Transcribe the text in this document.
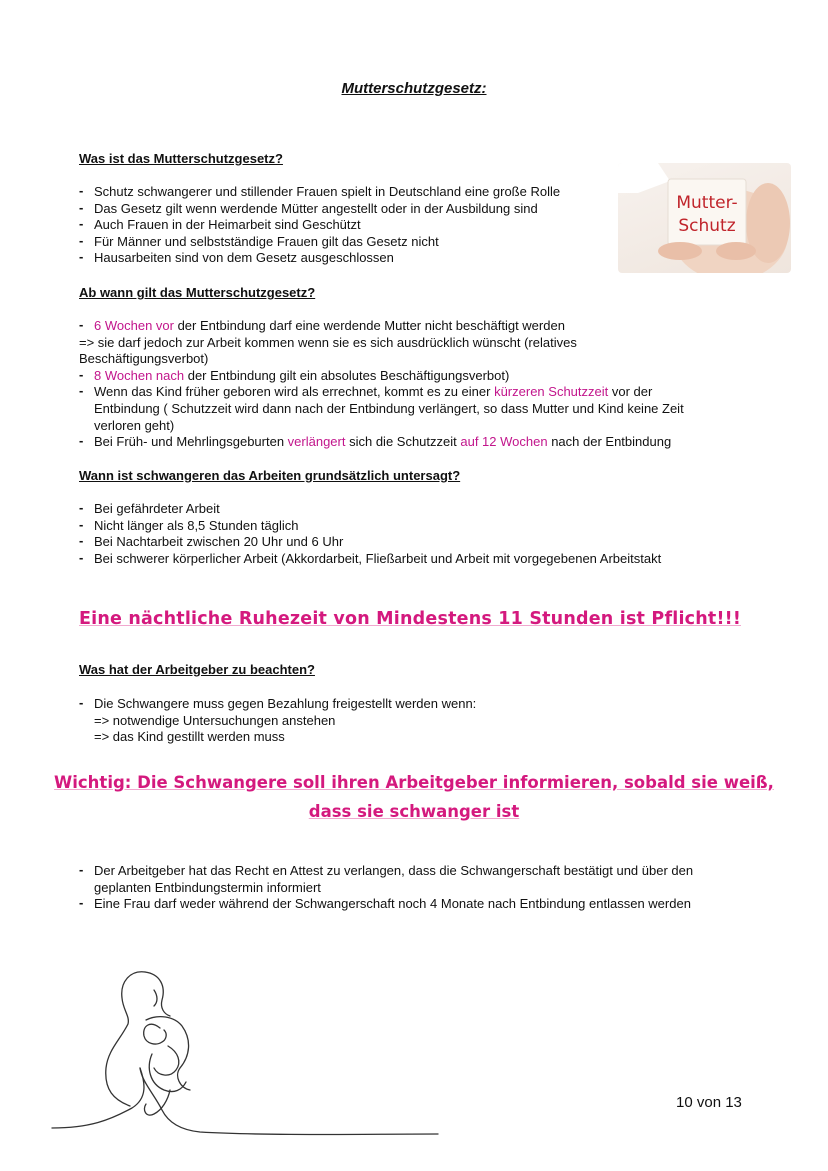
Mutterschutzgesetz:
Was ist das Mutterschutzgesetz?
- Schutz schwangerer und stillender Frauen spielt in Deutschland eine große Rolle
- Das Gesetz gilt wenn werdende Mütter angestellt oder in der Ausbildung sind
- Auch Frauen in der Heimarbeit sind Geschützt
- Für Männer und selbstständige Frauen gilt das Gesetz nicht
- Hausarbeiten sind von dem Gesetz ausgeschlossen
Mutter-
Schutz
Ab wann gilt das Mutterschutzgesetz?
- 6 Wochen vor der Entbindung darf eine werdende Mutter nicht beschäftigt werden
=> sie darf jedoch zur Arbeit kommen wenn sie es sich ausdrücklich wünscht (relatives
Beschäftigungsverbot)
- 8 Wochen nach der Entbindung gilt ein absolutes Beschäftigungsverbot)
- Wenn das Kind früher geboren wird als errechnet, kommt es zu einer kürzeren Schutzzeit vor der
Entbindung ( Schutzzeit wird dann nach der Entbindung verlängert, so dass Mutter und Kind keine Zeit
verloren geht)
- Bei Früh- und Mehrlingsgeburten verlängert sich die Schutzzeit auf 12 Wochen nach der Entbindung
Wann ist schwangeren das Arbeiten grundsätzlich untersagt?
- Bei gefährdeter Arbeit
- Nicht länger als 8,5 Stunden täglich
- Bei Nachtarbeit zwischen 20 Uhr und 6 Uhr
- Bei schwerer körperlicher Arbeit (Akkordarbeit, Fließarbeit und Arbeit mit vorgegebenen Arbeitstakt
Eine nächtliche Ruhezeit von Mindestens 11 Stunden ist Pflicht!!!
Was hat der Arbeitgeber zu beachten?
- Die Schwangere muss gegen Bezahlung freigestellt werden wenn:
=> notwendige Untersuchungen anstehen
=> das Kind gestillt werden muss
Wichtig: Die Schwangere soll ihren Arbeitgeber informieren, sobald sie weiß,
dass sie schwanger ist
- Der Arbeitgeber hat das Recht en Attest zu verlangen, dass die Schwangerschaft bestätigt und über den
geplanten Entbindungstermin informiert
- Eine Frau darf weder während der Schwangerschaft noch 4 Monate nach Entbindung entlassen werden
10 von 13
